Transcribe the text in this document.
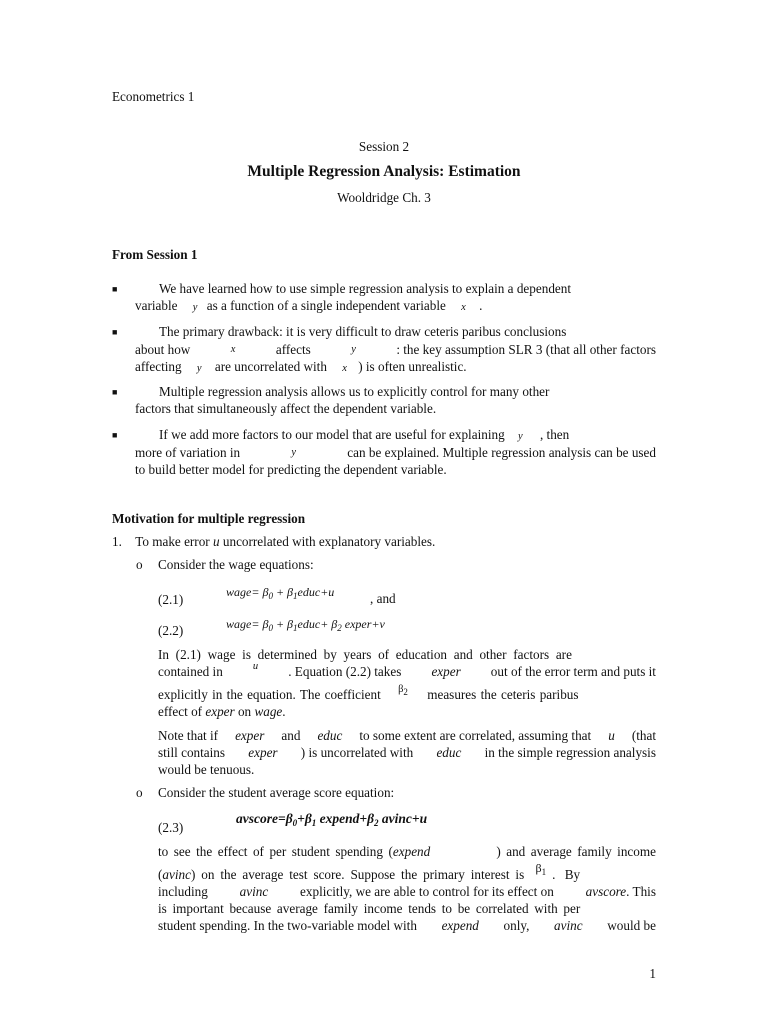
Econometrics 1
Session 2
Multiple Regression Analysis: Estimation
Wooldridge Ch. 3
From Session 1
■	We have learned how to use simple regression analysis to explain a dependent
variable y as a function of a single independent variable x .
■	The primary drawback: it is very difficult to draw ceteris paribus conclusions
about how	x	affects	y	: the key assumption SLR 3 (that all other factors
affecting y are uncorrelated with x ) is often unrealistic.
■	Multiple regression analysis allows us to explicitly control for many other
factors that simultaneously affect the dependent variable.
■	If we add more factors to our model that are useful for explaining y , then
more of variation in	y	can be explained. Multiple regression analysis can be used
to build better model for predicting the dependent variable.
Motivation for multiple regression
1. To make error u uncorrelated with explanatory variables.
o Consider the wage equations:
(2.1)	wage= $\beta_0$ + $\beta_1educ+u$	, and
(2.2)	wage= $\beta_0$ + $\beta_1educ+ \beta_2$ exper+v
In (2.1) wage is determined by years of education and other factors are
contained in	u . Equation (2.2) takes exper out of the error term and puts it
explicitly in the equation. The coefficient $^{\beta_2}$ measures the ceteris paribus
effect of exper on wage.
Note that if exper and educ to some extent are correlated, assuming that u (that
still contains exper ) is uncorrelated with educ in the simple regression analysis
would be tenuous.
o Consider the student average score equation:
(2.3)
$avscore=\beta_0+\beta_1$ $expend+\beta_2$ avinc+u
to see the effect of per student spending (expend	) and average family income
(avinc) on the average test score. Suppose the primary interest is $\beta_1$ . By
including avinc explicitly, we are able to control for its effect on avscore. This
is important because average family income tends to be correlated with per
student spending. In the two-variable model with expend only, avinc would be
1
